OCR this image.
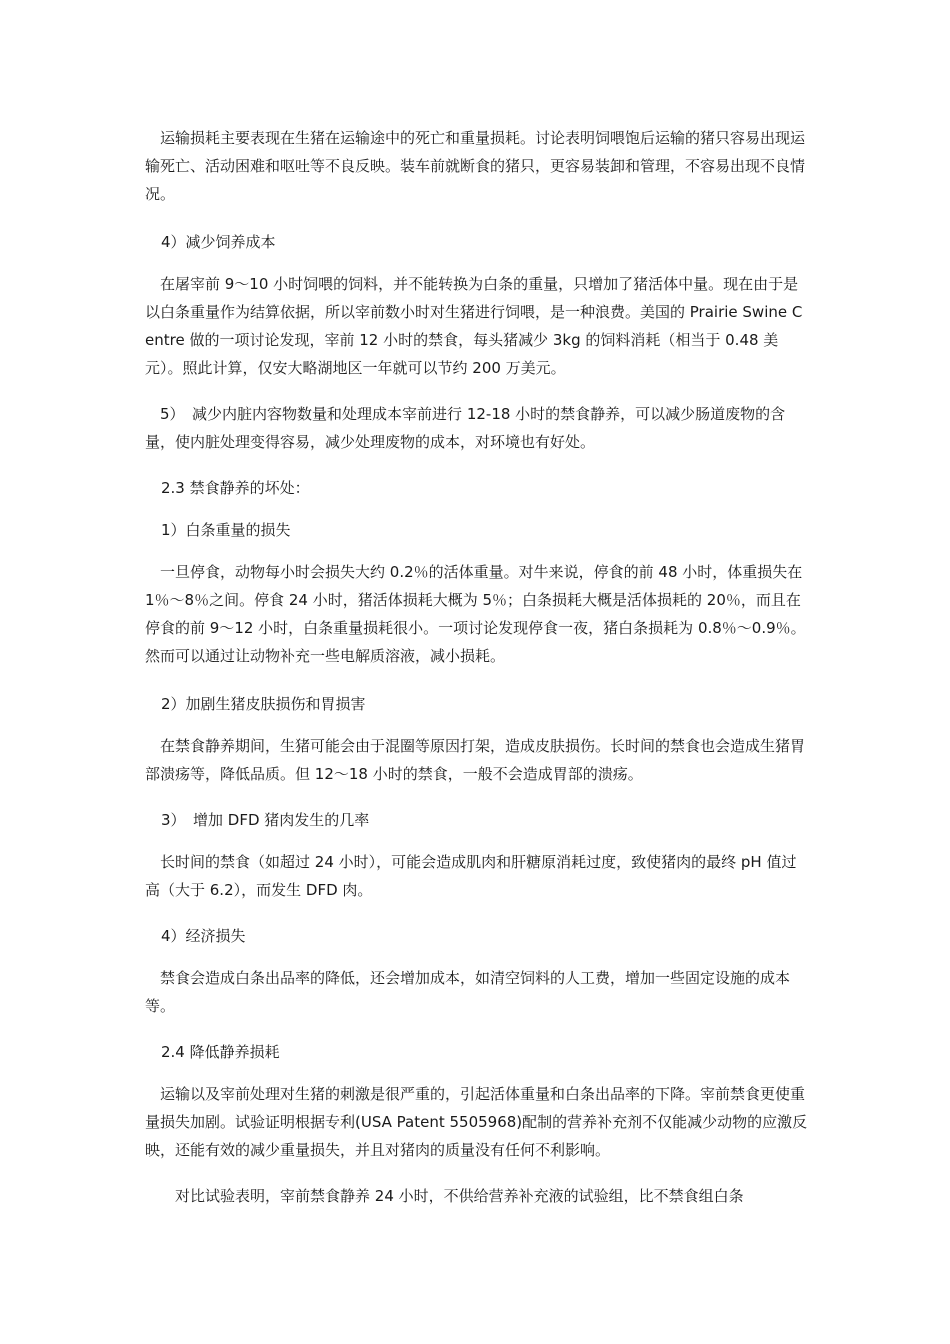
　运输损耗主要表现在生猪在运输途中的死亡和重量损耗。讨论表明饲喂饱后运输的猪只容易出现运输死亡、活动困难和呕吐等不良反映。装车前就断食的猪只，更容易装卸和管理，不容易出现不良情况。

4）减少饲养成本

　在屠宰前 9～10 小时饲喂的饲料，并不能转换为白条的重量，只增加了猪活体中量。现在由于是以白条重量作为结算依据，所以宰前数小时对生猪进行饲喂，是一种浪费。美国的 Prairie Swine Centre 做的一项讨论发现，宰前 12 小时的禁食，每头猪减少 3kg 的饲料消耗（相当于 0.48 美元）。照此计算，仅安大略湖地区一年就可以节约 200 万美元。

　5）　减少内脏内容物数量和处理成本宰前进行 12-18 小时的禁食静养，可以减少肠道废物的含量，使内脏处理变得容易，减少处理废物的成本，对环境也有好处。

2.3 禁食静养的坏处：

1）白条重量的损失

　一旦停食，动物每小时会损失大约 0.2％的活体重量。对牛来说，停食的前 48 小时，体重损失在 1％～8％之间。停食 24 小时，猪活体损耗大概为 5％；白条损耗大概是活体损耗的 20％，而且在停食的前 9～12 小时，白条重量损耗很小。一项讨论发现停食一夜，猪白条损耗为 0.8％～0.9％。然而可以通过让动物补充一些电解质溶液，减小损耗。

2）加剧生猪皮肤损伤和胃损害

　在禁食静养期间，生猪可能会由于混圈等原因打架，造成皮肤损伤。长时间的禁食也会造成生猪胃部溃疡等，降低品质。但 12～18 小时的禁食，一般不会造成胃部的溃疡。

3）　增加 DFD 猪肉发生的几率

　长时间的禁食（如超过 24 小时），可能会造成肌肉和肝糖原消耗过度，致使猪肉的最终 pH 值过高（大于 6.2），而发生 DFD 肉。

4）经济损失

　禁食会造成白条出品率的降低，还会增加成本，如清空饲料的人工费，增加一些固定设施的成本等。

2.4 降低静养损耗

　运输以及宰前处理对生猪的刺激是很严重的，引起活体重量和白条出品率的下降。宰前禁食更使重量损失加剧。试验证明根据专利(USA Patent 5505968)配制的营养补充剂不仅能减少动物的应激反映，还能有效的减少重量损失，并且对猪肉的质量没有任何不利影响。

　　对比试验表明，宰前禁食静养 24 小时，不供给营养补充液的试验组，比不禁食组白条
